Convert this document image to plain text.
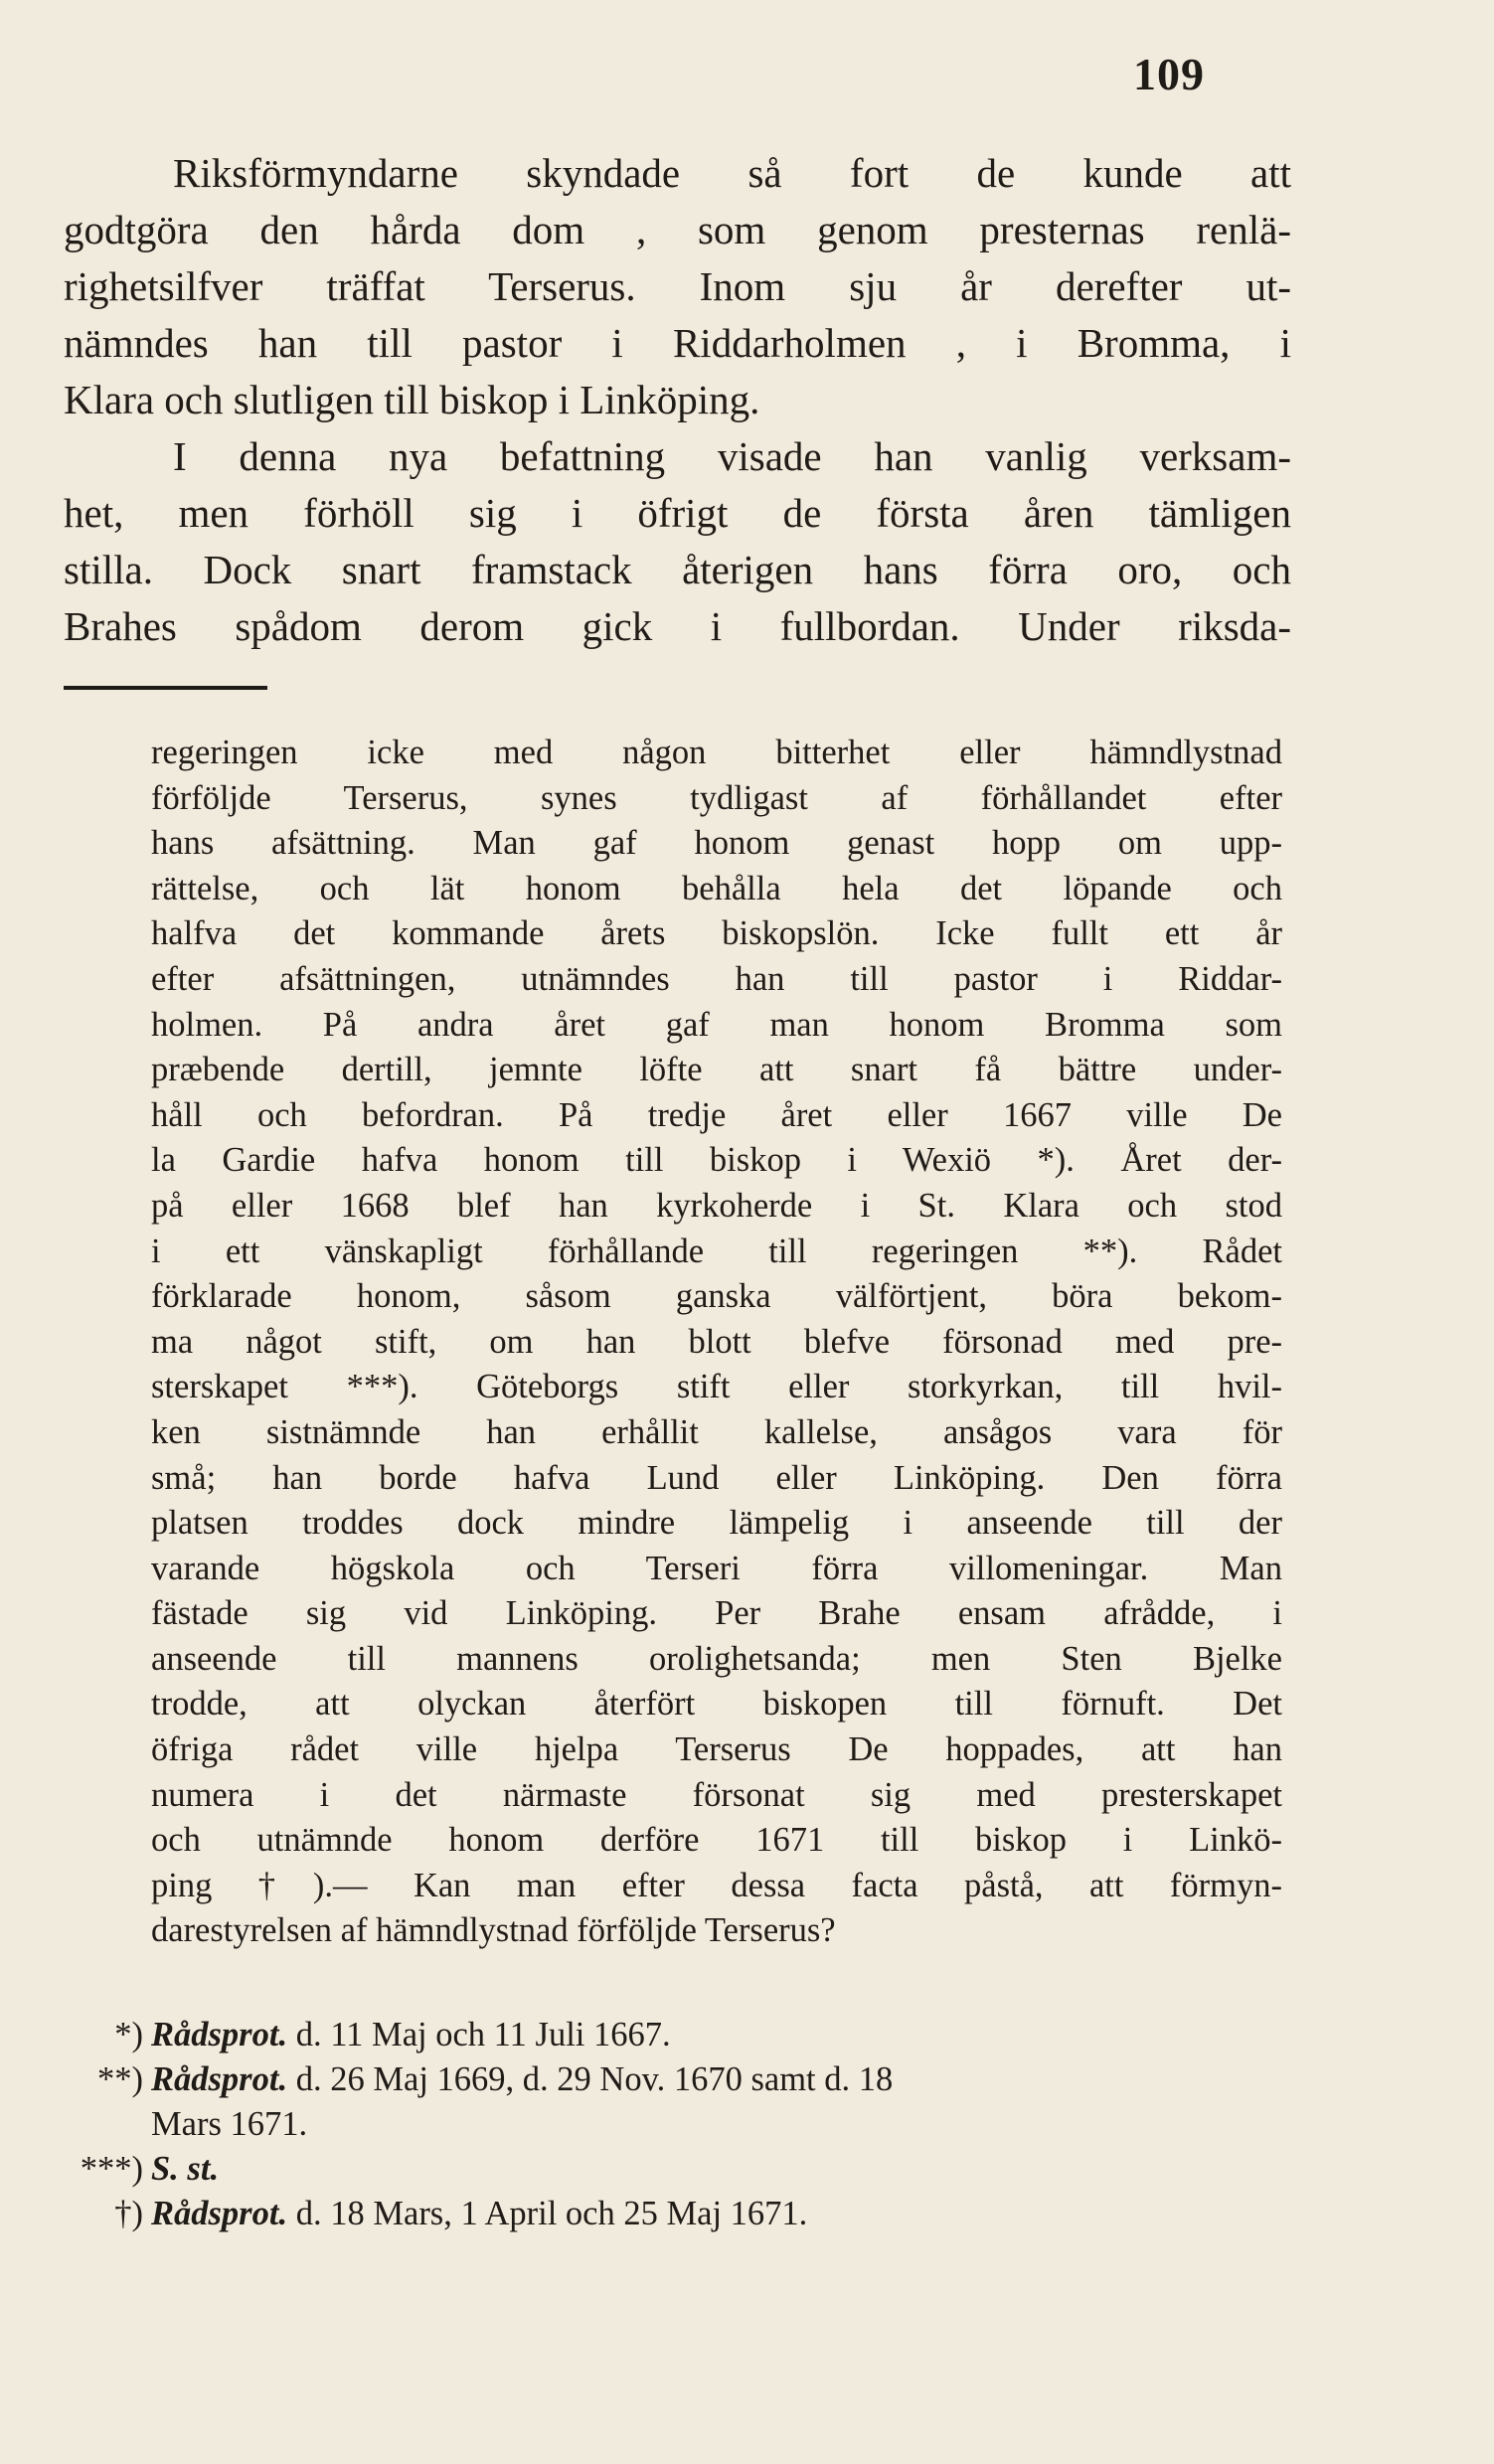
109
Riksförmyndarne skyndade så fort de kunde att
godtgöra den hårda dom , som genom presternas renlä-
righetsilfver träffat Terserus. Inom sju år derefter ut-
nämndes han till pastor i Riddarholmen , i Bromma, i
Klara och slutligen till biskop i Linköping.
I denna nya befattning visade han vanlig verksam-
het, men förhöll sig i öfrigt de första åren tämligen
stilla. Dock snart framstack återigen hans förra oro, och
Brahes spådom derom gick i fullbordan. Under riksda-
regeringen icke med någon bitterhet eller hämndlystnad
förföljde Terserus, synes tydligast af förhållandet efter
hans afsättning. Man gaf honom genast hopp om upp-
rättelse, och lät honom behålla hela det löpande och
halfva det kommande årets biskopslön. Icke fullt ett år
efter afsättningen, utnämndes han till pastor i Riddar-
holmen. På andra året gaf man honom Bromma som
præbende dertill, jemnte löfte att snart få bättre under-
håll och befordran. På tredje året eller 1667 ville De
la Gardie hafva honom till biskop i Wexiö *). Året der-
på eller 1668 blef han kyrkoherde i St. Klara och stod
i ett vänskapligt förhållande till regeringen **). Rådet
förklarade honom, såsom ganska välförtjent, böra bekom-
ma något stift, om han blott blefve försonad med pre-
sterskapet ***). Göteborgs stift eller storkyrkan, till hvil-
ken sistnämnde han erhållit kallelse, ansågos vara för
små; han borde hafva Lund eller Linköping. Den förra
platsen troddes dock mindre lämpelig i anseende till der
varande högskola och Terseri förra villomeningar. Man
fästade sig vid Linköping. Per Brahe ensam afrådde, i
anseende till mannens orolighetsanda; men Sten Bjelke
trodde, att olyckan återfört biskopen till förnuft. Det
öfriga rådet ville hjelpa Terserus De hoppades, att han
numera i det närmaste försonat sig med presterskapet
och utnämnde honom derföre 1671 till biskop i Linkö-
ping †).— Kan man efter dessa facta påstå, att förmyn-
darestyrelsen af hämndlystnad förföljde Terserus?
*) Rådsprot. d. 11 Maj och 11 Juli 1667.
**) Rådsprot. d. 26 Maj 1669, d. 29 Nov. 1670 samt d. 18
Mars 1671.
***) S. st.
†) Rådsprot. d. 18 Mars, 1 April och 25 Maj 1671.
